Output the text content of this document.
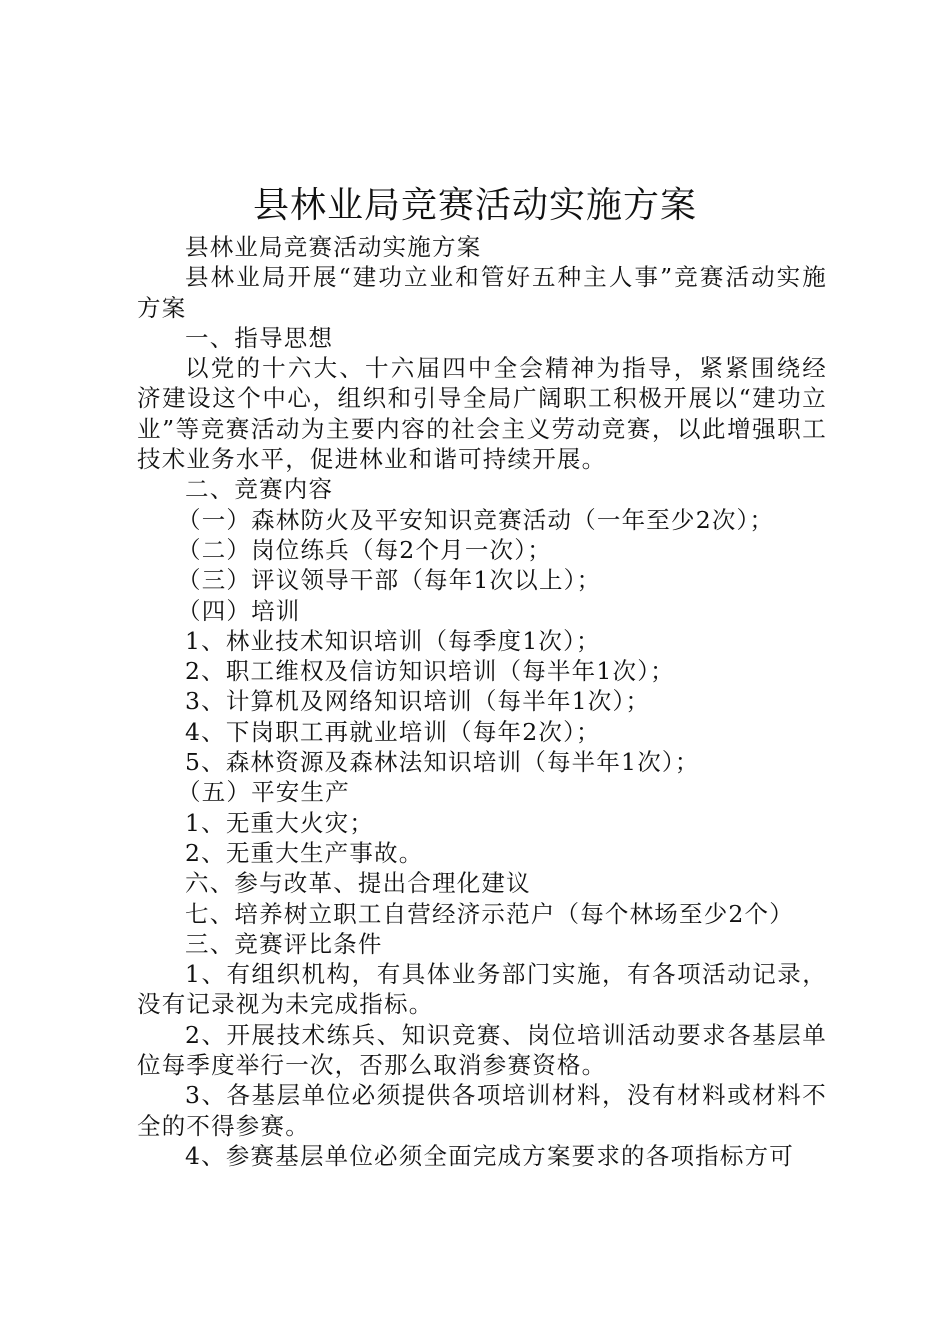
县林业局竞赛活动实施方案

县林业局竞赛活动实施方案

县林业局开展“建功立业和管好五种主人事”竞赛活动实施方案

一、指导思想

以党的十六大、十六届四中全会精神为指导，紧紧围绕经济建设这个中心，组织和引导全局广阔职工积极开展以“建功立业”等竞赛活动为主要内容的社会主义劳动竞赛，以此增强职工技术业务水平，促进林业和谐可持续开展。

二、竞赛内容

（一）森林防火及平安知识竞赛活动（一年至少2次）；

（二）岗位练兵（每2个月一次）；

（三）评议领导干部（每年1次以上）；

（四）培训

1、林业技术知识培训（每季度1次）；

2、职工维权及信访知识培训（每半年1次）；

3、计算机及网络知识培训（每半年1次）；

4、下岗职工再就业培训（每年2次）；

5、森林资源及森林法知识培训（每半年1次）；

（五）平安生产

1、无重大火灾；

2、无重大生产事故。

六、参与改革、提出合理化建议

七、培养树立职工自营经济示范户（每个林场至少2个）

三、竞赛评比条件

1、有组织机构，有具体业务部门实施，有各项活动记录，没有记录视为未完成指标。

2、开展技术练兵、知识竞赛、岗位培训活动要求各基层单位每季度举行一次，否那么取消参赛资格。

3、各基层单位必须提供各项培训材料，没有材料或材料不全的不得参赛。

4、参赛基层单位必须全面完成方案要求的各项指标方可
